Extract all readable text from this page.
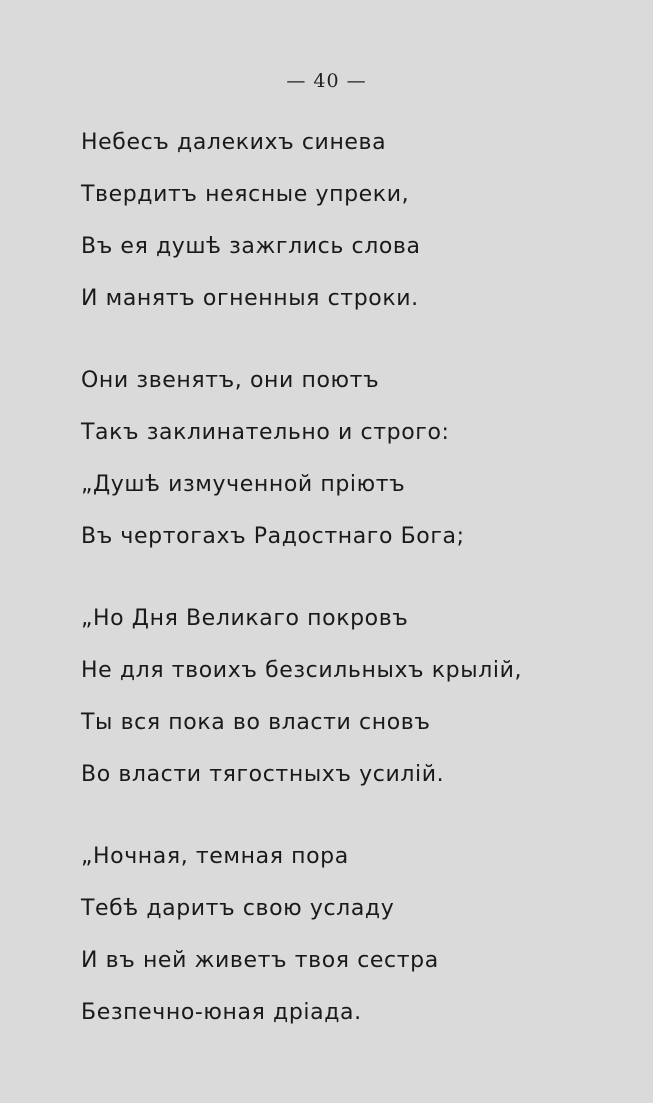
— 40 —
Небесъ далекихъ синева
Твердитъ неясные упреки,
Въ ея душѣ зажглись слова
И манятъ огненныя строки.
Они звенятъ, они поютъ
Такъ заклинательно и строго:
„Душѣ измученной прiютъ
Въ чертогахъ Радостнаго Бога;
„Но Дня Великаго покровъ
Не для твоихъ безсильныхъ крылiй,
Ты вся пока во власти сновъ
Во власти тягостныхъ усилiй.
„Ночная, темная пора
Тебѣ даритъ свою усладу
И въ ней живетъ твоя сестра
Безпечно-юная дрiада.
